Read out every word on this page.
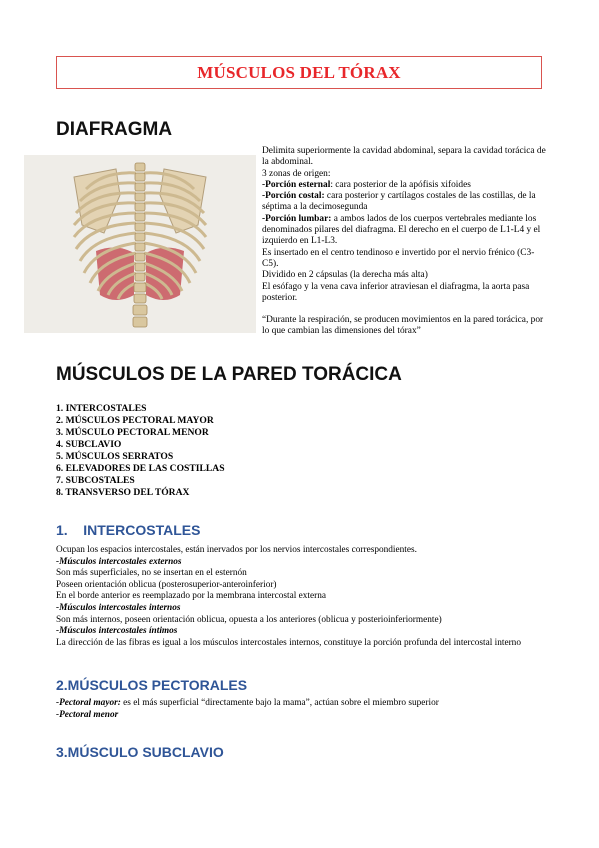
MÚSCULOS DEL TÓRAX
DIAFRAGMA

Delimita superiormente la cavidad abdominal, separa la cavidad torácica de la abdominal.

3 zonas de origen:

-Porción esternal: cara posterior de la apófisis xifoides

-Porción costal: cara posterior y cartílagos costales de las costillas, de la séptima a la decimosegunda

-Porción lumbar: a ambos lados de los cuerpos vertebrales mediante los denominados pilares del diafragma. El derecho en el cuerpo de L1-L4 y el izquierdo en L1-L3.

Es insertado en el centro tendinoso e invertido por el nervio frénico (C3-C5).

Dividido en 2 cápsulas (la derecha más alta)

El esófago y la vena cava inferior atraviesan el diafragma, la aorta pasa posterior.

“Durante la respiración, se producen movimientos en la pared torácica, por lo que cambian las dimensiones del tórax”

MÚSCULOS DE LA PARED TORÁCICA
1. INTERCOSTALES
2. MÚSCULOS PECTORAL MAYOR
3. MÚSCULO PECTORAL MENOR
4. SUBCLAVIO
5. MÚSCULOS SERRATOS
6. ELEVADORES DE LAS COSTILLAS
7. SUBCOSTALES
8. TRANSVERSO DEL TÓRAX
1.    INTERCOSTALES

Ocupan los espacios intercostales, están inervados por los nervios intercostales correspondientes.

-Músculos intercostales externos

Son más superficiales, no se insertan en el esternón

Poseen orientación oblicua (posterosuperior-anteroinferior)

En el borde anterior es reemplazado por la membrana intercostal externa

-Músculos intercostales internos

Son más internos, poseen orientación oblicua, opuesta a los anteriores (oblicua y posterioinferiormente)

-Músculos intercostales íntimos

La dirección de las fibras es igual a los músculos intercostales internos, constituye la porción profunda del intercostal interno

2.MÚSCULOS PECTORALES

-Pectoral mayor: es el más superficial “directamente bajo la mama”, actúan sobre el miembro superior

-Pectoral menor

3.MÚSCULO SUBCLAVIO
